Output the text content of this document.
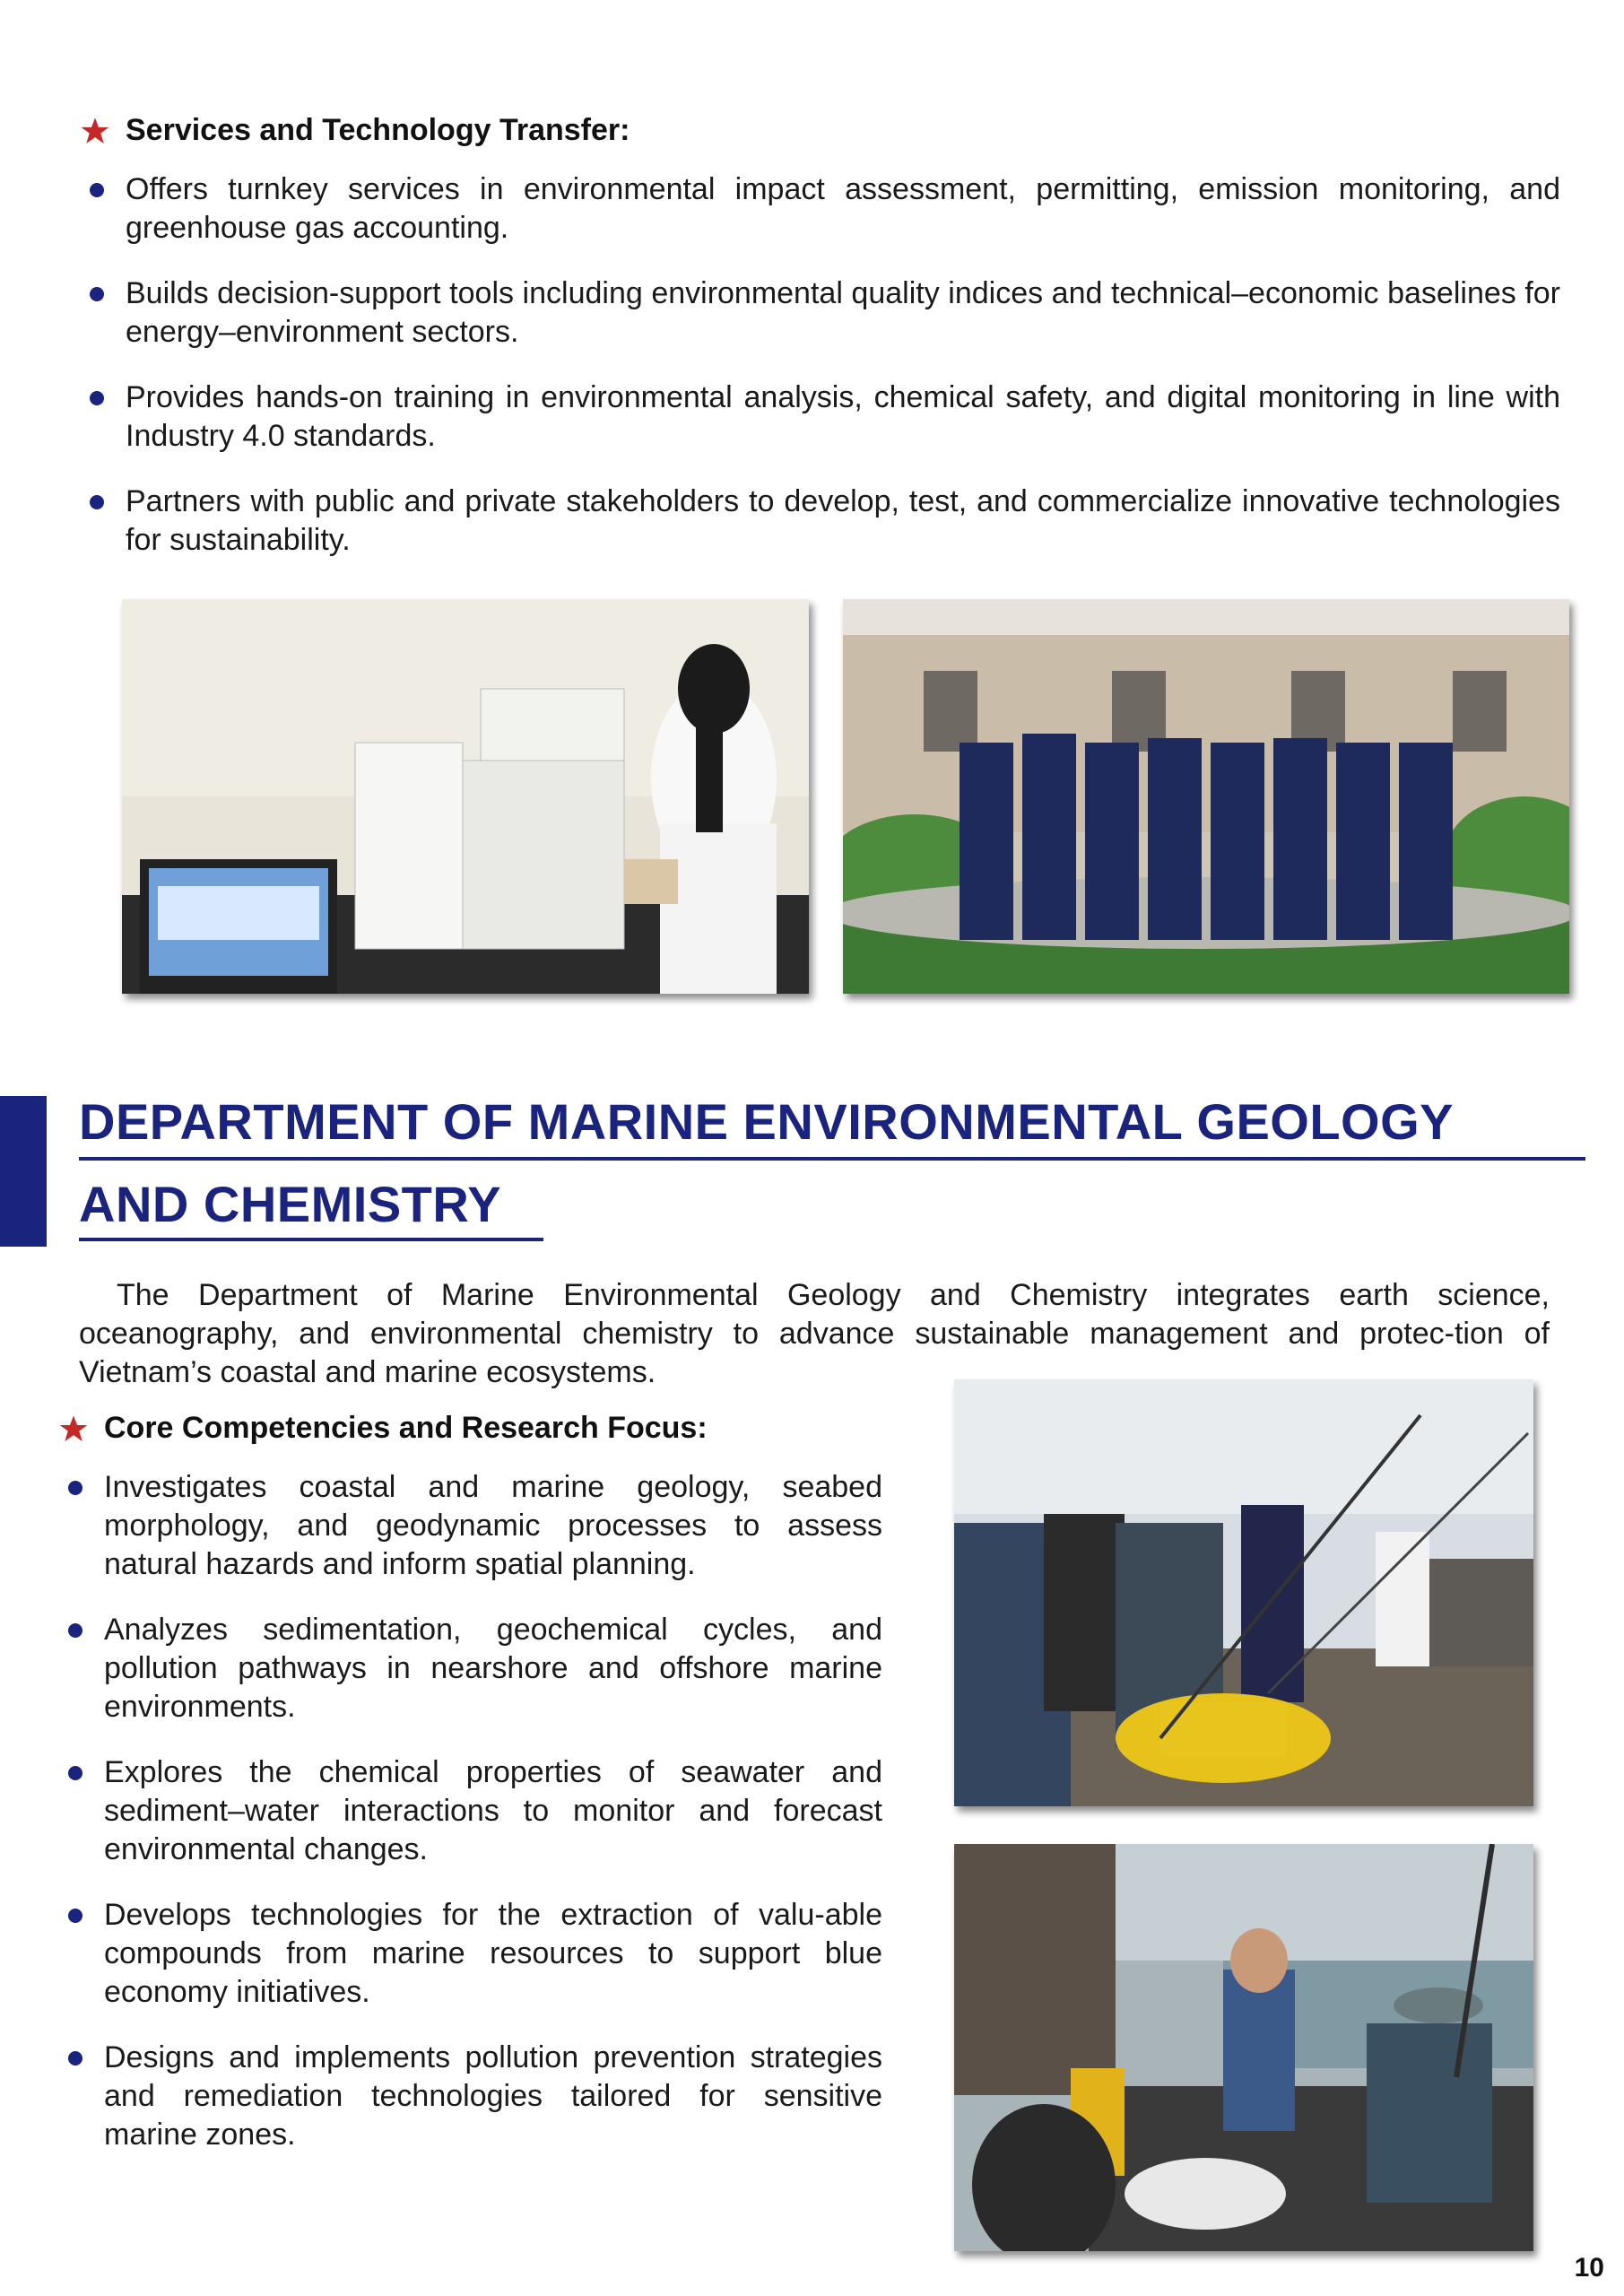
Services and Technology Transfer:
Offers turnkey services in environmental impact assessment, permitting, emission monitoring, and greenhouse gas accounting.
Builds decision-support tools including environmental quality indices and technical–economic baselines for energy–environment sectors.
Provides hands-on training in environmental analysis, chemical safety, and digital monitoring in line with Industry 4.0 standards.
Partners with public and private stakeholders to develop, test, and commercialize innovative technologies for sustainability.
DEPARTMENT OF MARINE ENVIRONMENTAL GEOLOGY
AND CHEMISTRY
The Department of Marine Environmental Geology and Chemistry integrates earth science, oceanography, and environmental chemistry to advance sustainable management and protec-tion of Vietnam’s coastal and marine ecosystems.
Core Competencies and Research Focus:
Investigates coastal and marine geology, seabed morphology, and geodynamic processes to assess natural hazards and inform spatial planning.
Analyzes sedimentation, geochemical cycles, and pollution pathways in nearshore and offshore marine environments.
Explores the chemical properties of seawater and sediment–water interactions to monitor and forecast environmental changes.
Develops technologies for the extraction of valu-able compounds from marine resources to support blue economy initiatives.
Designs and implements pollution prevention strategies and remediation technologies tailored for sensitive marine zones.
10
